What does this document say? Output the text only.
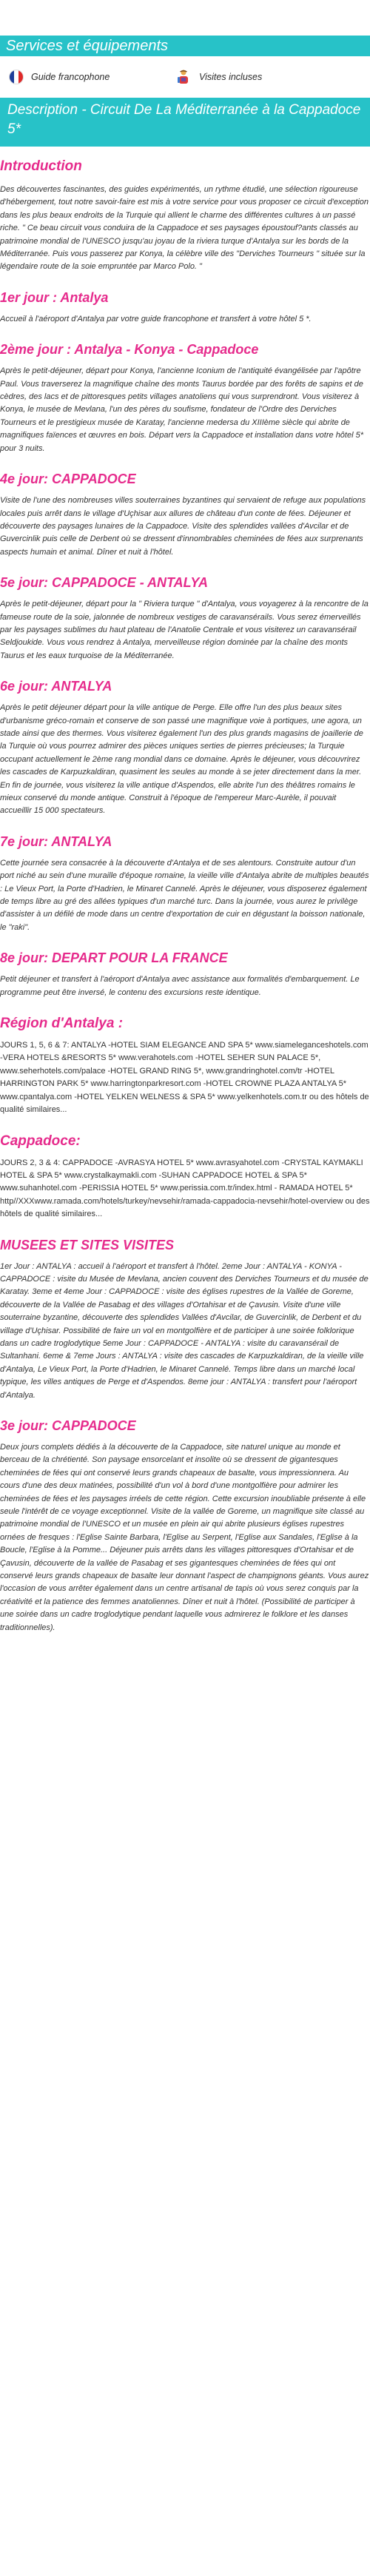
Services et équipements
Guide francophone	Visites incluses
Description - Circuit De La Méditerranée à la Cappadoce 5*
Introduction

Des découvertes fascinantes, des guides expérimentés, un rythme étudié, une sélection rigoureuse d'hébergement, tout notre savoir-faire est mis à votre service pour vous proposer ce circuit d'exception dans les plus beaux endroits de la Turquie qui allient le charme des différentes cultures à un passé riche. " Ce beau circuit vous conduira de la Cappadoce et ses paysages époustouf?ants classés au patrimoine mondial de l'UNESCO jusqu'au joyau de la riviera turque d'Antalya sur les bords de la Méditerranée. Puis vous passerez par Konya, la célèbre ville des "Derviches Tourneurs " située sur la légendaire route de la soie empruntée par Marco Polo. "

1er jour : Antalya

Accueil à l'aéroport d'Antalya par votre guide francophone et transfert à votre hôtel 5 *.

2ème jour : Antalya - Konya - Cappadoce

Après le petit-déjeuner, départ pour Konya, l'ancienne Iconium de l'antiquité évangélisée par l'apôtre Paul. Vous traverserez la magnifique chaîne des monts Taurus bordée par des forêts de sapins et de cèdres, des lacs et de pittoresques petits villages anatoliens qui vous surprendront. Vous visiterez à Konya, le musée de Mevlana, l'un des pères du soufisme, fondateur de l'Ordre des Derviches Tourneurs et le prestigieux musée de Karatay, l'ancienne medersa du XIIIème siècle qui abrite de magnifiques faïences et œuvres en bois. Départ vers la Cappadoce et installation dans votre hôtel 5* pour 3 nuits.

4e jour: CAPPADOCE

Visite de l'une des nombreuses villes souterraines byzantines qui servaient de refuge aux populations locales puis arrêt dans le village d'Uçhisar aux allures de château d'un conte de fées. Déjeuner et découverte des paysages lunaires de la Cappadoce. Visite des splendides vallées d'Avcilar et de Guvercinlik puis celle de Derbent où se dressent d'innombrables cheminées de fées aux surprenants aspects humain et animal. Dîner et nuit à l'hôtel.

5e jour: CAPPADOCE - ANTALYA

Après le petit-déjeuner, départ pour la " Riviera turque " d'Antalya, vous voyagerez à la rencontre de la fameuse route de la soie, jalonnée de nombreux vestiges de caravansérails. Vous serez émerveillés par les paysages sublimes du haut plateau de l'Anatolie Centrale et vous visiterez un caravansérail Seldjoukide. Vous vous rendrez à Antalya, merveilleuse région dominée par la chaîne des monts Taurus et les eaux turquoise de la Méditerranée.

6e jour: ANTALYA

Après le petit déjeuner départ pour la ville antique de Perge. Elle offre l'un des plus beaux sites d'urbanisme gréco-romain et conserve de son passé une magnifique voie à portiques, une agora, un stade ainsi que des thermes. Vous visiterez également l'un des plus grands magasins de joaillerie de la Turquie où vous pourrez admirer des pièces uniques serties de pierres précieuses; la Turquie occupant actuellement le 2ème rang mondial dans ce domaine. Après le déjeuner, vous découvrirez les cascades de Karpuzkaldiran, quasiment les seules au monde à se jeter directement dans la mer. En fin de journée, vous visiterez la ville antique d'Aspendos, elle abrite l'un des théâtres romains le mieux conservé du monde antique. Construit à l'époque de l'empereur Marc-Aurèle, il pouvait accueillir 15 000 spectateurs.

7e jour: ANTALYA

Cette journée sera consacrée à la découverte d'Antalya et de ses alentours. Construite autour d'un port niché au sein d'une muraille d'époque romaine, la vieille ville d'Antalya abrite de multiples beautés : Le Vieux Port, la Porte d'Hadrien, le Minaret Cannelé. Après le déjeuner, vous disposerez également de temps libre au gré des allées typiques d'un marché turc. Dans la journée, vous aurez le privilège d'assister à un défilé de mode dans un centre d'exportation de cuir en dégustant la boisson nationale, le "raki".

8e jour: DEPART POUR LA FRANCE

Petit déjeuner et transfert à l'aéroport d'Antalya avec assistance aux formalités d'embarquement. Le programme peut être inversé, le contenu des excursions reste identique.

Région d'Antalya :

JOURS 1, 5, 6 & 7: ANTALYA -HOTEL SIAM ELEGANCE AND SPA 5* www.siameleganceshotels.com -VERA HOTELS &RESORTS 5* www.verahotels.com -HOTEL SEHER SUN PALACE 5*, www.seherhotels.com/palace -HOTEL GRAND RING 5*, www.grandringhotel.com/tr -HOTEL HARRINGTON PARK 5* www.harringtonparkresort.com -HOTEL CROWNE PLAZA ANTALYA 5* www.cpantalya.com -HOTEL YELKEN WELNESS & SPA 5* www.yelkenhotels.com.tr ou des hôtels de qualité similaires...

Cappadoce:

JOURS 2, 3 & 4: CAPPADOCE -AVRASYA HOTEL 5* www.avrasyahotel.com -CRYSTAL KAYMAKLI HOTEL & SPA 5* www.crystalkaymakli.com -SUHAN CAPPADOCE HOTEL & SPA 5* www.suhanhotel.com -PERISSIA HOTEL 5* www.perissia.com.tr/index.html - RAMADA HOTEL 5* http//XXXwww.ramada.com/hotels/turkey/nevsehir/ramada-cappadocia-nevsehir/hotel-overview ou des hôtels de qualité similaires...

MUSEES ET SITES VISITES

1er Jour : ANTALYA : accueil à l'aéroport et transfert à l'hôtel. 2eme Jour : ANTALYA - KONYA - CAPPADOCE : visite du Musée de Mevlana, ancien couvent des Derviches Tourneurs et du musée de Karatay. 3eme et 4eme Jour : CAPPADOCE : visite des églises rupestres de la Vallée de Goreme, découverte de la Vallée de Pasabag et des villages d'Ortahisar et de Çavusin. Visite d'une ville souterraine byzantine, découverte des splendides Vallées d'Avcilar, de Guvercinlik, de Derbent et du village d'Uçhisar. Possibilité de faire un vol en montgolfière et de participer à une soirée folklorique dans un cadre troglodytique 5eme Jour : CAPPADOCE - ANTALYA : visite du caravansérail de Sultanhani. 6eme & 7eme Jours : ANTALYA : visite des cascades de Karpuzkaldiran, de la vieille ville d'Antalya, Le Vieux Port, la Porte d'Hadrien, le Minaret Cannelé. Temps libre dans un marché local typique, les villes antiques de Perge et d'Aspendos. 8eme jour : ANTALYA : transfert pour l'aéroport d'Antalya.

3e jour: CAPPADOCE

Deux jours complets dédiés à la découverte de la Cappadoce, site naturel unique au monde et berceau de la chrétienté. Son paysage ensorcelant et insolite où se dressent de gigantesques cheminées de fées qui ont conservé leurs grands chapeaux de basalte, vous impressionnera. Au cours d'une des deux matinées, possibilité d'un vol à bord d'une montgolfière pour admirer les cheminées de fées et les paysages irréels de cette région. Cette excursion inoubliable présente à elle seule l'intérêt de ce voyage exceptionnel. Visite de la vallée de Goreme, un magnifique site classé au patrimoine mondial de l'UNESCO et un musée en plein air qui abrite plusieurs églises rupestres ornées de fresques : l'Eglise Sainte Barbara, l'Eglise au Serpent, l'Eglise aux Sandales, l'Eglise à la Boucle, l'Eglise à la Pomme... Déjeuner puis arrêts dans les villages pittoresques d'Ortahisar et de Çavusin, découverte de la vallée de Pasabag et ses gigantesques cheminées de fées qui ont conservé leurs grands chapeaux de basalte leur donnant l'aspect de champignons géants. Vous aurez l'occasion de vous arrêter également dans un centre artisanal de tapis où vous serez conquis par la créativité et la patience des femmes anatoliennes. Dîner et nuit à l'hôtel. (Possibilité de participer à une soirée dans un cadre troglodytique pendant laquelle vous admirerez le folklore et les danses traditionnelles).
